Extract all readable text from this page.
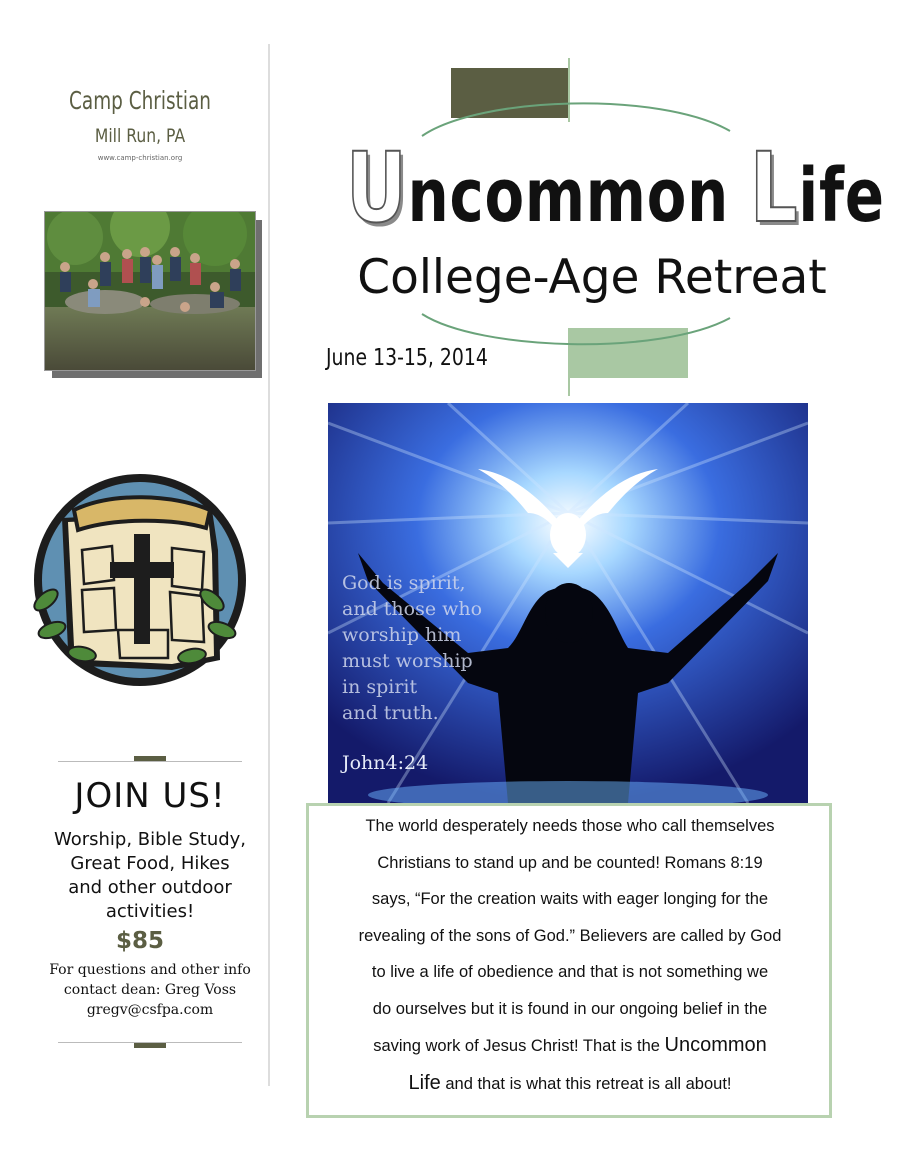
Camp Christian
Mill Run, PA
www.camp-christian.org
JOIN US!
Worship, Bible Study,
Great Food, Hikes
and other outdoor
activities!
$85
For questions and other info
contact dean: Greg Voss
gregv@csfpa.com
Uncommon Life
College-Age Retreat
June 13-15, 2014
God is spirit,
and those who
worship him
must worship
in spirit
and truth.
John4:24
The world desperately needs those who call themselves
Christians to stand up and be counted! Romans 8:19
says, “For the creation waits with eager longing for the
revealing of the sons of God.” Believers are called by God
to live a life of obedience and that is not something we
do ourselves but it is found in our ongoing belief in the
saving work of Jesus Christ! That is the Uncommon
Life and that is what this retreat is all about!
